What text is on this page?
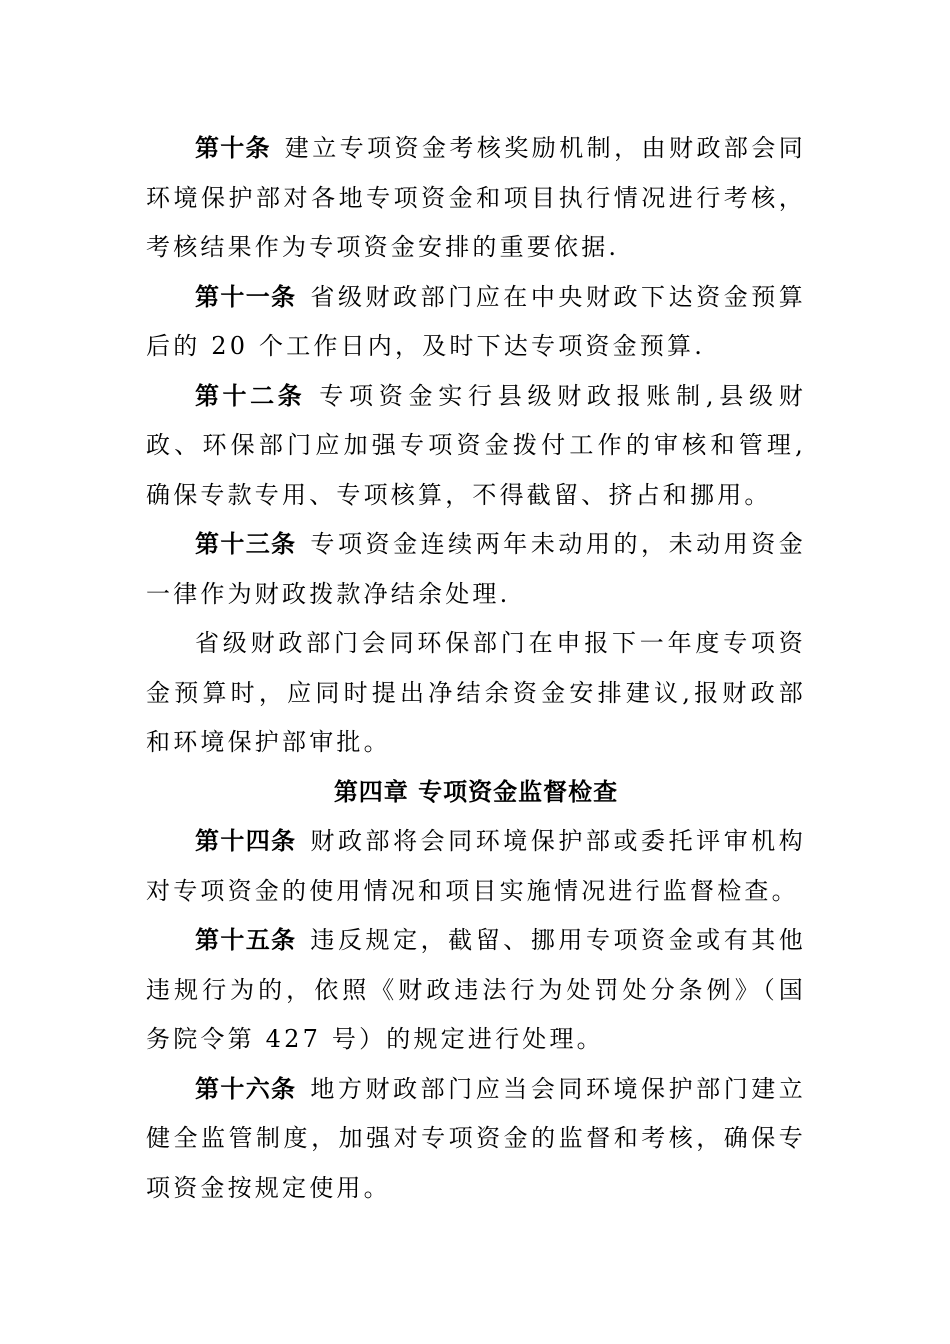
第十条 建立专项资金考核奖励机制，由财政部会同环境保护部对各地专项资金和项目执行情况进行考核，考核结果作为专项资金安排的重要依据.

第十一条 省级财政部门应在中央财政下达资金预算后的 20 个工作日内，及时下达专项资金预算.

第十二条 专项资金实行县级财政报账制,县级财政、环保部门应加强专项资金拨付工作的审核和管理,确保专款专用、专项核算，不得截留、挤占和挪用。

第十三条 专项资金连续两年未动用的，未动用资金一律作为财政拨款净结余处理.

省级财政部门会同环保部门在申报下一年度专项资金预算时，应同时提出净结余资金安排建议,报财政部和环境保护部审批。

第四章 专项资金监督检查

第十四条 财政部将会同环境保护部或委托评审机构对专项资金的使用情况和项目实施情况进行监督检查。

第十五条 违反规定，截留、挪用专项资金或有其他违规行为的，依照《财政违法行为处罚处分条例》（国务院令第 427 号）的规定进行处理。

第十六条 地方财政部门应当会同环境保护部门建立健全监管制度，加强对专项资金的监督和考核，确保专项资金按规定使用。
